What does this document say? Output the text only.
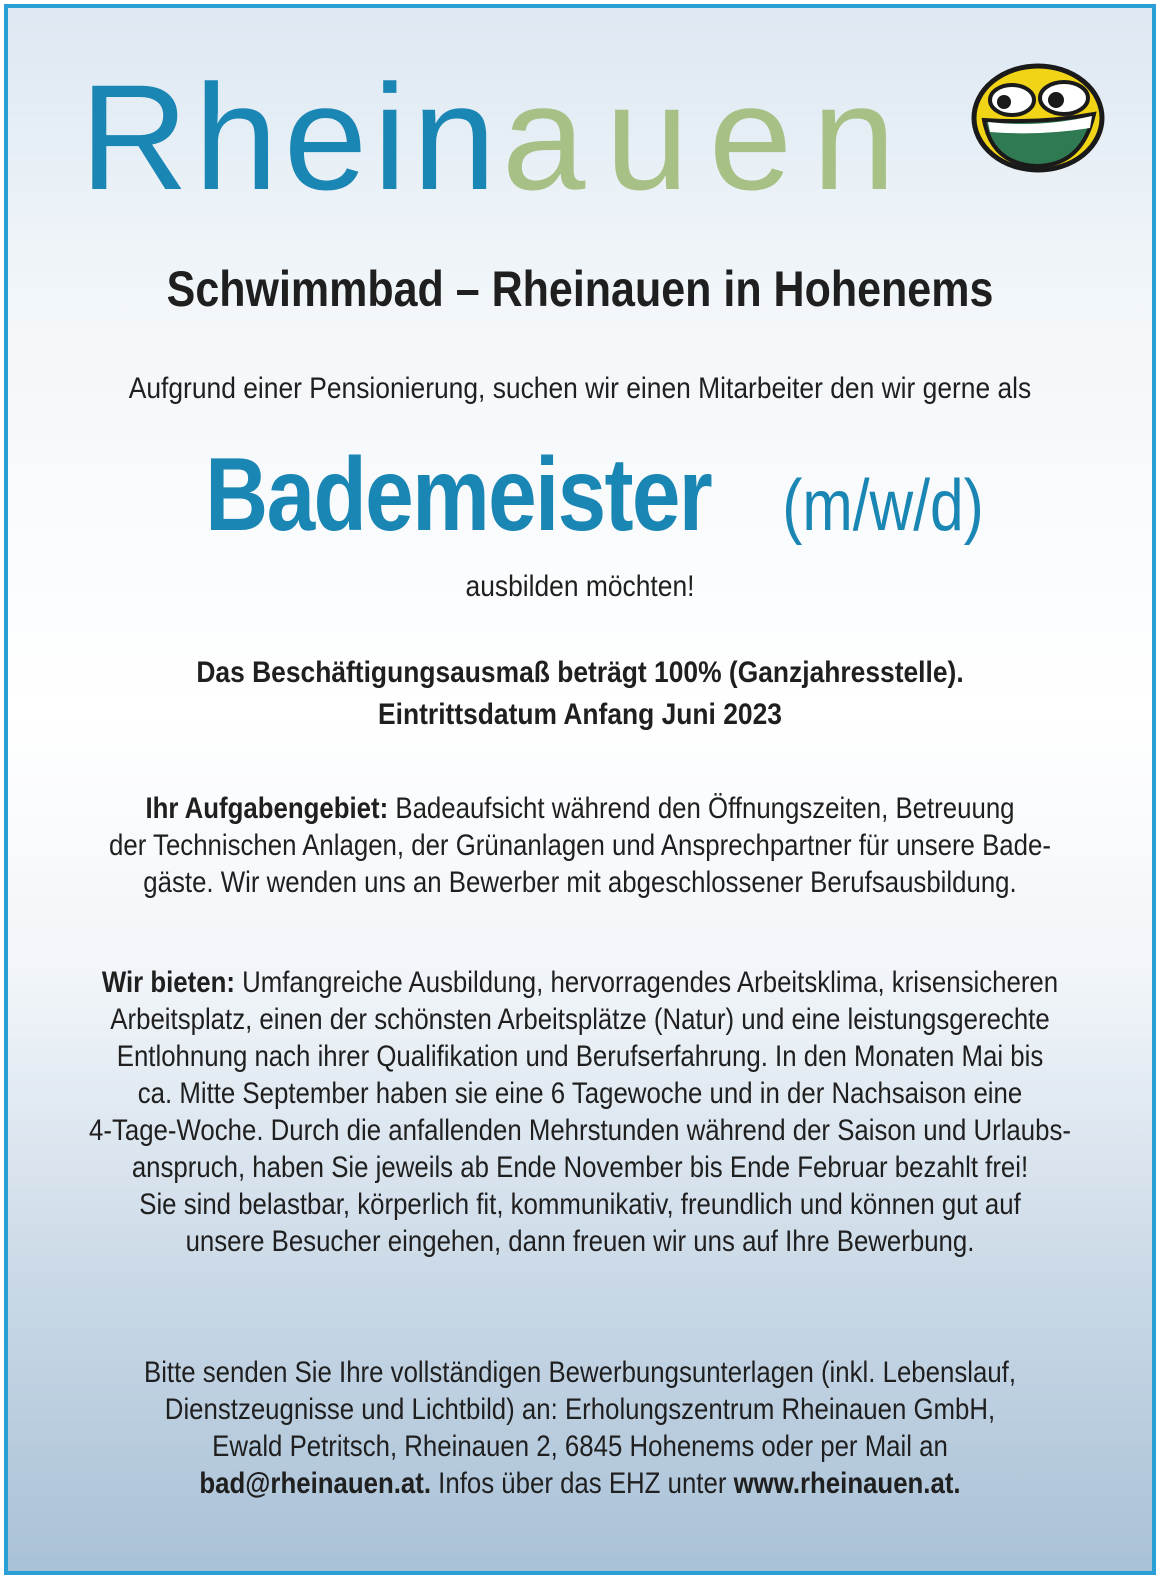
Rheinauen
Schwimmbad – Rheinauen in Hohenems
Aufgrund einer Pensionierung, suchen wir einen Mitarbeiter den wir gerne als
Bademeister (m/w/d)
ausbilden möchten!
Das Beschäftigungsausmaß beträgt 100% (Ganzjahresstelle).
Eintrittsdatum Anfang Juni 2023
Ihr Aufgabengebiet: Badeaufsicht während den Öffnungszeiten, Betreuung
der Technischen Anlagen, der Grünanlagen und Ansprechpartner für unsere Bade-
gäste. Wir wenden uns an Bewerber mit abgeschlossener Berufsausbildung.
Wir bieten: Umfangreiche Ausbildung, hervorragendes Arbeitsklima, krisensicheren
Arbeitsplatz, einen der schönsten Arbeitsplätze (Natur) und eine leistungsgerechte
Entlohnung nach ihrer Qualifikation und Berufserfahrung. In den Monaten Mai bis
ca. Mitte September haben sie eine 6 Tagewoche und in der Nachsaison eine
4-Tage-Woche. Durch die anfallenden Mehrstunden während der Saison und Urlaubs-
anspruch, haben Sie jeweils ab Ende November bis Ende Februar bezahlt frei!
Sie sind belastbar, körperlich fit, kommunikativ, freundlich und können gut auf
unsere Besucher eingehen, dann freuen wir uns auf Ihre Bewerbung.
Bitte senden Sie Ihre vollständigen Bewerbungsunterlagen (inkl. Lebenslauf,
Dienstzeugnisse und Lichtbild) an: Erholungszentrum Rheinauen GmbH,
Ewald Petritsch, Rheinauen 2, 6845 Hohenems oder per Mail an
bad@rheinauen.at. Infos über das EHZ unter www.rheinauen.at.
